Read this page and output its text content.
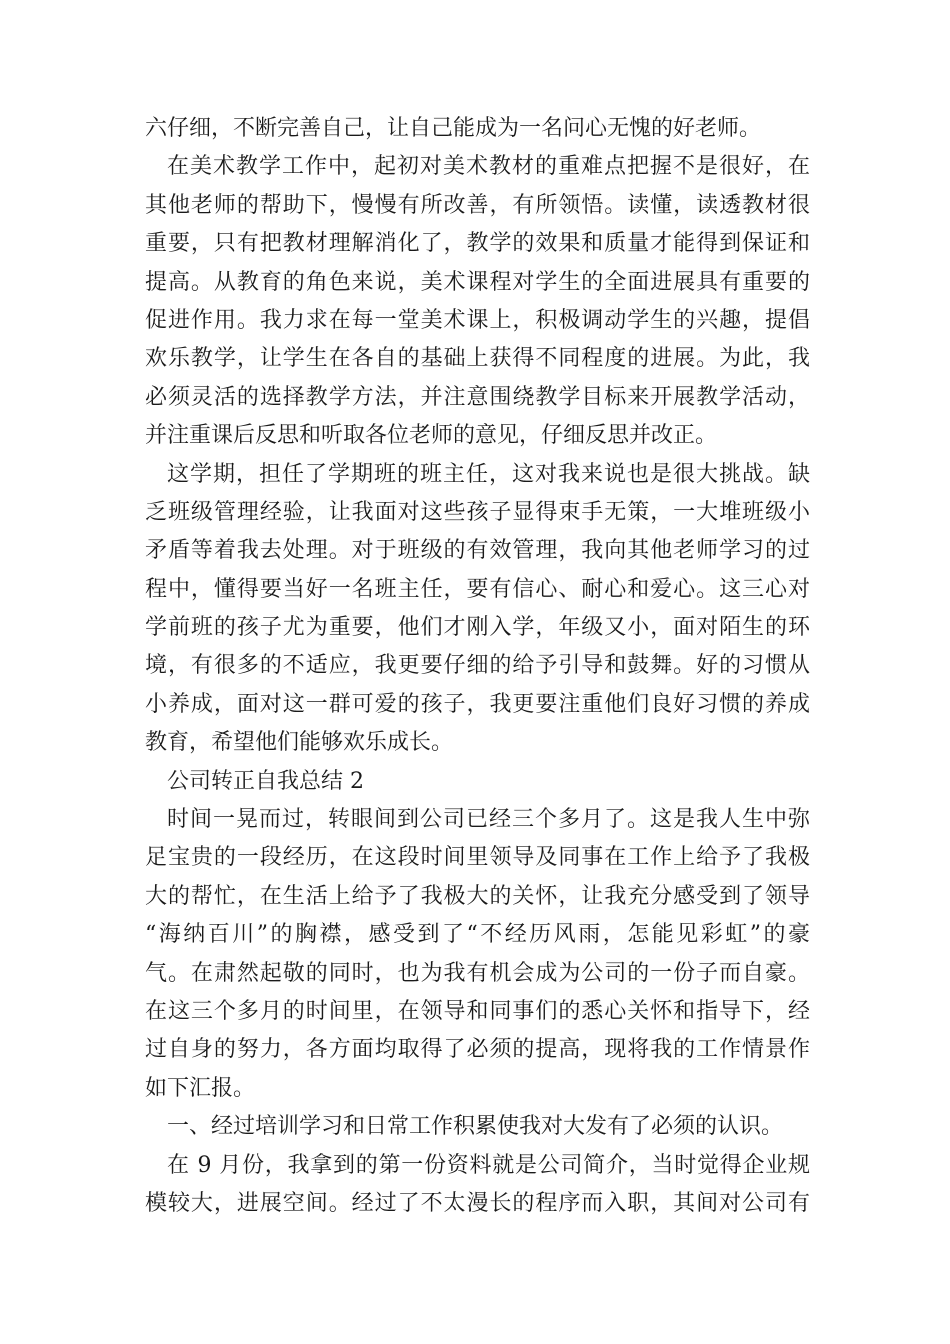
六仔细，不断完善自己，让自己能成为一名问心无愧的好老师。
在美术教学工作中，起初对美术教材的重难点把握不是很好，在
其他老师的帮助下，慢慢有所改善，有所领悟。读懂，读透教材很
重要，只有把教材理解消化了，教学的效果和质量才能得到保证和
提高。从教育的角色来说，美术课程对学生的全面进展具有重要的
促进作用。我力求在每一堂美术课上，积极调动学生的兴趣，提倡
欢乐教学，让学生在各自的基础上获得不同程度的进展。为此，我
必须灵活的选择教学方法，并注意围绕教学目标来开展教学活动，
并注重课后反思和听取各位老师的意见，仔细反思并改正。
这学期，担任了学期班的班主任，这对我来说也是很大挑战。缺
乏班级管理经验，让我面对这些孩子显得束手无策，一大堆班级小
矛盾等着我去处理。对于班级的有效管理，我向其他老师学习的过
程中，懂得要当好一名班主任，要有信心、耐心和爱心。这三心对
学前班的孩子尤为重要，他们才刚入学，年级又小，面对陌生的环
境，有很多的不适应，我更要仔细的给予引导和鼓舞。好的习惯从
小养成，面对这一群可爱的孩子，我更要注重他们良好习惯的养成
教育，希望他们能够欢乐成长。
公司转正自我总结 2
时间一晃而过，转眼间到公司已经三个多月了。这是我人生中弥
足宝贵的一段经历，在这段时间里领导及同事在工作上给予了我极
大的帮忙，在生活上给予了我极大的关怀，让我充分感受到了领导
“海纳百川”的胸襟，感受到了“不经历风雨，怎能见彩虹”的豪
气。在肃然起敬的同时，也为我有机会成为公司的一份子而自豪。
在这三个多月的时间里，在领导和同事们的悉心关怀和指导下，经
过自身的努力，各方面均取得了必须的提高，现将我的工作情景作
如下汇报。
一、经过培训学习和日常工作积累使我对大发有了必须的认识。
在 9 月份，我拿到的第一份资料就是公司简介，当时觉得企业规
模较大，进展空间。经过了不太漫长的程序而入职，其间对公司有
